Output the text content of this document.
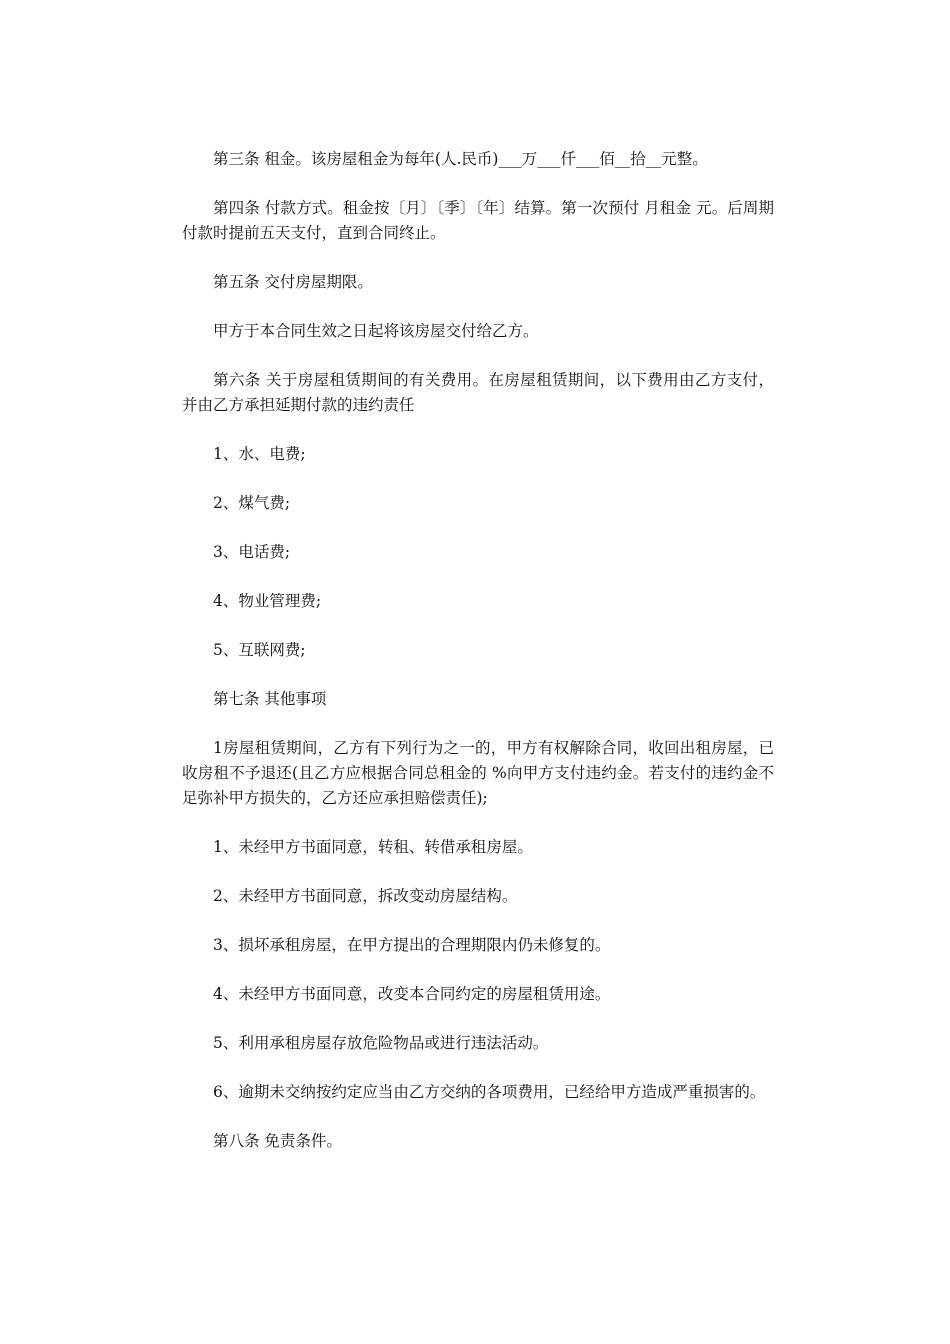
第三条 租金。该房屋租金为每年(人.民币)___万___仟___佰__拾__元整。

第四条 付款方式。租金按〔月〕〔季〕〔年〕结算。第一次预付 月租金 元。后周期付款时提前五天支付，直到合同终止。

第五条 交付房屋期限。

甲方于本合同生效之日起将该房屋交付给乙方。

第六条 关于房屋租赁期间的有关费用。在房屋租赁期间，以下费用由乙方支付，并由乙方承担延期付款的违约责任

1、水、电费;

2、煤气费;

3、电话费;

4、物业管理费;

5、互联网费;

第七条 其他事项

1房屋租赁期间，乙方有下列行为之一的，甲方有权解除合同，收回出租房屋，已收房租不予退还(且乙方应根据合同总租金的 %向甲方支付违约金。若支付的违约金不足弥补甲方损失的，乙方还应承担赔偿责任);

1、未经甲方书面同意，转租、转借承租房屋。

2、未经甲方书面同意，拆改变动房屋结构。

3、损坏承租房屋，在甲方提出的合理期限内仍未修复的。

4、未经甲方书面同意，改变本合同约定的房屋租赁用途。

5、利用承租房屋存放危险物品或进行违法活动。

6、逾期未交纳按约定应当由乙方交纳的各项费用，已经给甲方造成严重损害的。

第八条 免责条件。
